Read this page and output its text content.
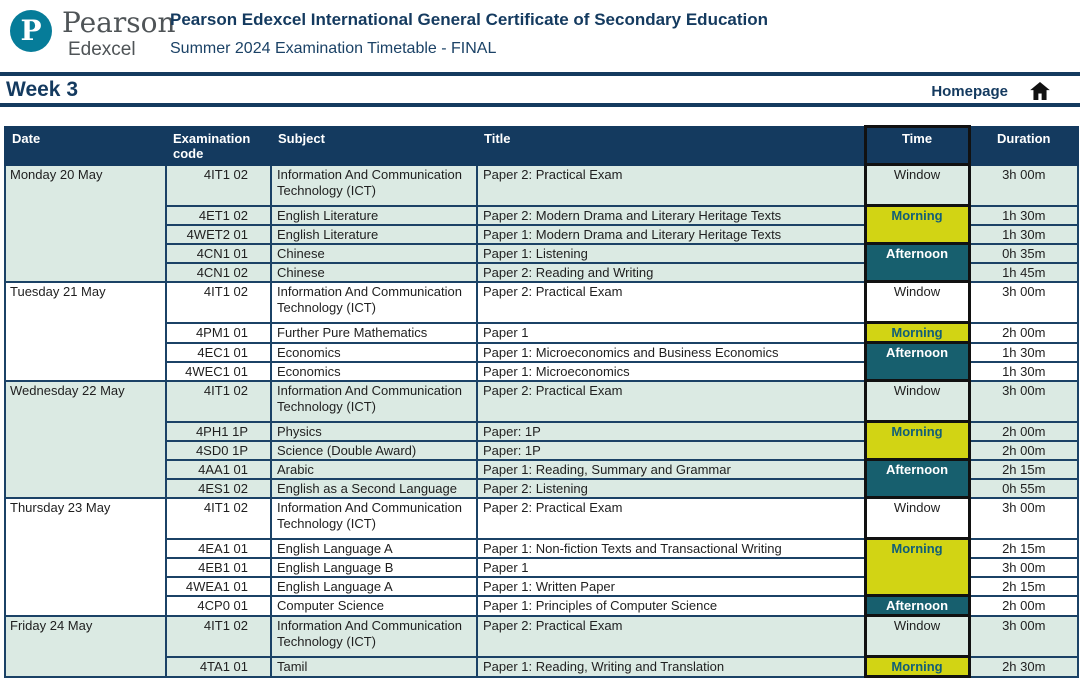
P Pearson
Edexcel
Pearson Edexcel International General Certificate of Secondary Education
Summer 2024 Examination Timetable - FINAL
Week 3	Homepage
Date	Examination code	Subject	Title	Time	Duration
Monday 20 May	4IT1 02	Information And Communication Technology (ICT)	Paper 2: Practical Exam	Window	3h 00m
	4ET1 02	English Literature	Paper 2: Modern Drama and Literary Heritage Texts	Morning	1h 30m
	4WET2 01	English Literature	Paper 1: Modern Drama and Literary Heritage Texts		1h 30m
	4CN1 01	Chinese	Paper 1: Listening	Afternoon	0h 35m
	4CN1 02	Chinese	Paper 2: Reading and Writing		1h 45m
Tuesday 21 May	4IT1 02	Information And Communication Technology (ICT)	Paper 2: Practical Exam	Window	3h 00m
	4PM1 01	Further Pure Mathematics	Paper 1	Morning	2h 00m
	4EC1 01	Economics	Paper 1: Microeconomics and Business Economics	Afternoon	1h 30m
	4WEC1 01	Economics	Paper 1: Microeconomics		1h 30m
Wednesday 22 May	4IT1 02	Information And Communication Technology (ICT)	Paper 2: Practical Exam	Window	3h 00m
	4PH1 1P	Physics	Paper: 1P	Morning	2h 00m
	4SD0 1P	Science (Double Award)	Paper: 1P		2h 00m
	4AA1 01	Arabic	Paper 1: Reading, Summary and Grammar	Afternoon	2h 15m
	4ES1 02	English as a Second Language	Paper 2: Listening		0h 55m
Thursday 23 May	4IT1 02	Information And Communication Technology (ICT)	Paper 2: Practical Exam	Window	3h 00m
	4EA1 01	English Language A	Paper 1: Non-fiction Texts and Transactional Writing	Morning	2h 15m
	4EB1 01	English Language B	Paper 1		3h 00m
	4WEA1 01	English Language A	Paper 1: Written Paper		2h 15m
	4CP0 01	Computer Science	Paper 1: Principles of Computer Science	Afternoon	2h 00m
Friday 24 May	4IT1 02	Information And Communication Technology (ICT)	Paper 2: Practical Exam	Window	3h 00m
	4TA1 01	Tamil	Paper 1: Reading, Writing and Translation	Morning	2h 30m
